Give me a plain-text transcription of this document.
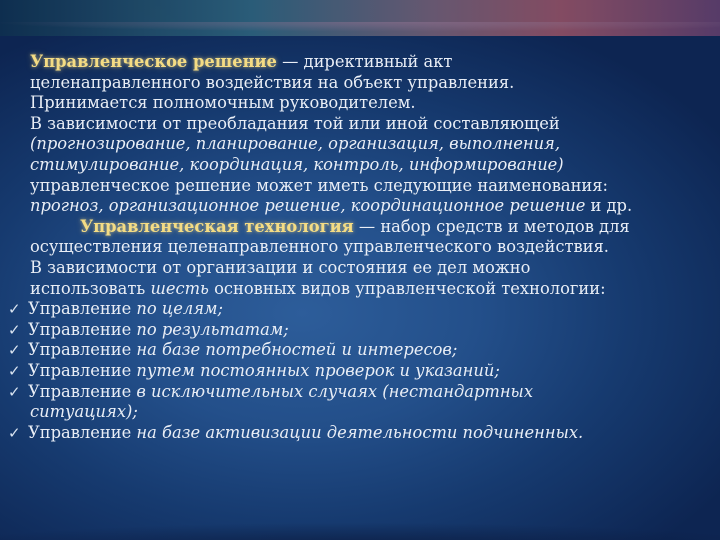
Управленческое решение — директивный акт
целенаправленного воздействия на объект управления.
Принимается полномочным руководителем.
В зависимости от преобладания той или иной составляющей
(прогнозирование, планирование, организация, выполнения,
стимулирование, координация, контроль, информирование)
управленческое решение может иметь следующие наименования:
прогноз, организационное решение, координационное решение и др.
Управленческая технология — набор средств и методов для
осуществления целенаправленного управленческого воздействия.
В зависимости от организации и состояния ее дел можно
использовать шесть основных видов управленческой технологии:
✓ Управление по целям;
✓ Управление по результатам;
✓ Управление на базе потребностей и интересов;
✓ Управление путем постоянных проверок и указаний;
✓ Управление в исключительных случаях (нестандартных
ситуациях);
✓ Управление на базе активизации деятельности подчиненных.
